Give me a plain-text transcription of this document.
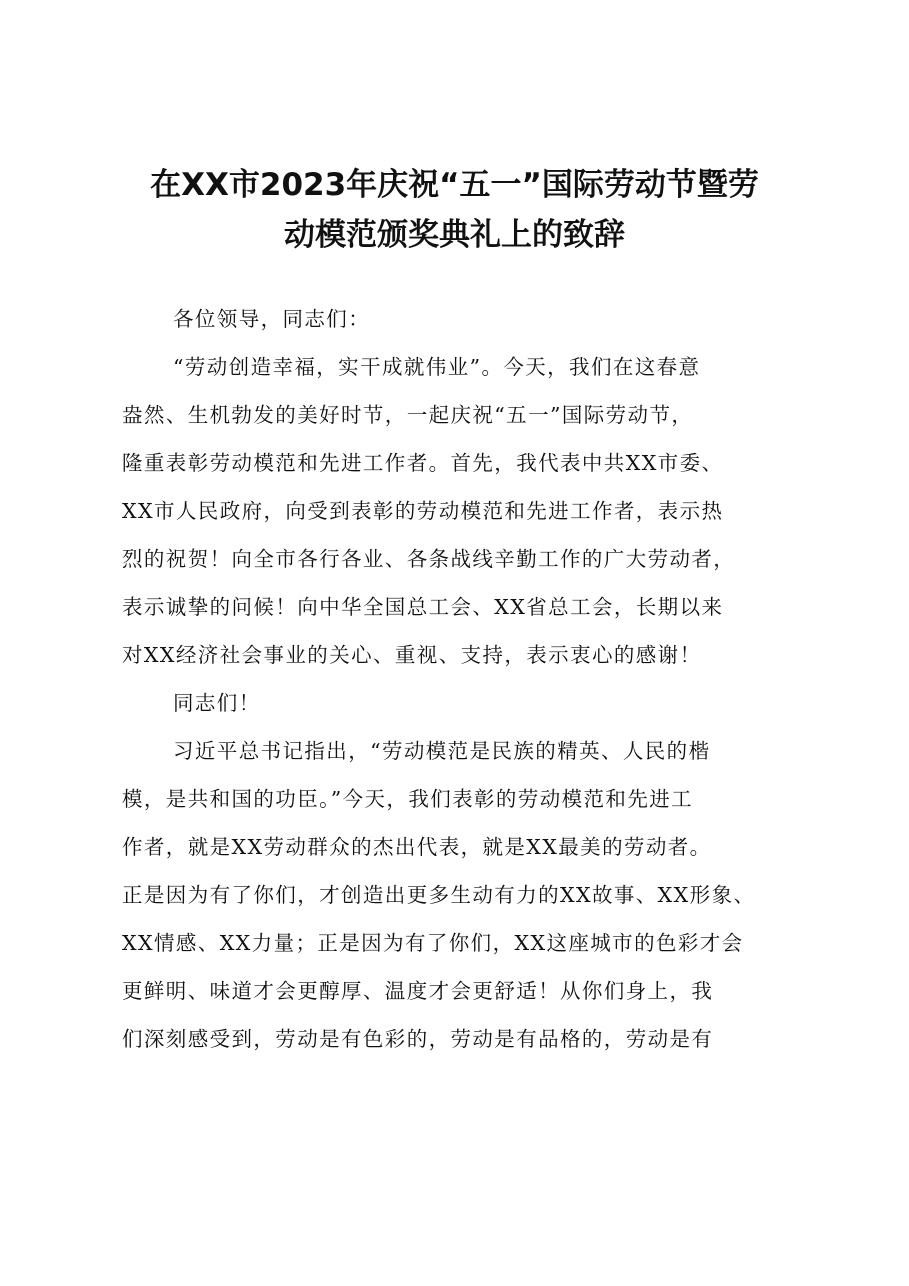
在XX市2023年庆祝“五一”国际劳动节暨劳
动模范颁奖典礼上的致辞

各位领导，同志们：

“劳动创造幸福，实干成就伟业”。今天，我们在这春意

盎然、生机勃发的美好时节，一起庆祝“五一”国际劳动节，

隆重表彰劳动模范和先进工作者。首先，我代表中共XX市委、

XX市人民政府，向受到表彰的劳动模范和先进工作者，表示热

烈的祝贺！向全市各行各业、各条战线辛勤工作的广大劳动者，

表示诚挚的问候！向中华全国总工会、XX省总工会，长期以来

对XX经济社会事业的关心、重视、支持，表示衷心的感谢！

同志们！

习近平总书记指出，“劳动模范是民族的精英、人民的楷

模，是共和国的功臣。”今天，我们表彰的劳动模范和先进工

作者，就是XX劳动群众的杰出代表，就是XX最美的劳动者。

正是因为有了你们，才创造出更多生动有力的XX故事、XX形象、

XX情感、XX力量；正是因为有了你们，XX这座城市的色彩才会

更鲜明、味道才会更醇厚、温度才会更舒适！从你们身上，我

们深刻感受到，劳动是有色彩的，劳动是有品格的，劳动是有
